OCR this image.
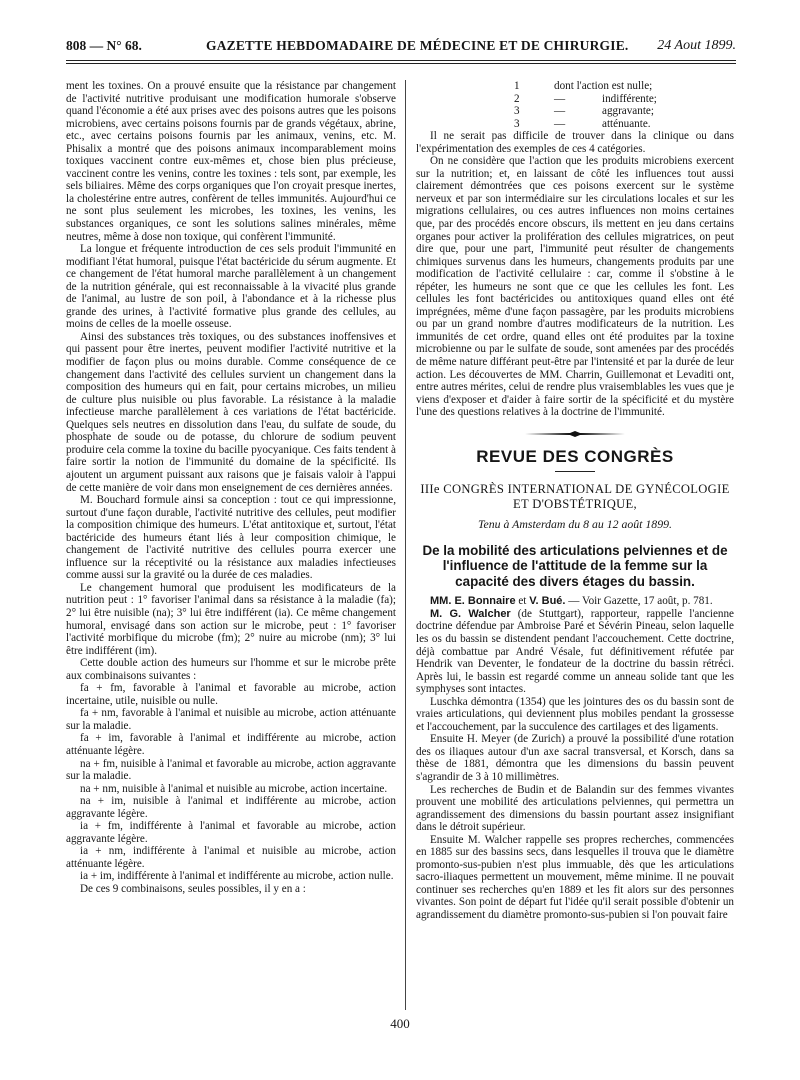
808 — N° 68.	GAZETTE HEBDOMADAIRE DE MÉDECINE ET DE CHIRURGIE.	24 Aout 1899.

ment les toxines. On a prouvé ensuite que la résistance par changement de l'activité nutritive produisant une modification humorale s'observe quand l'économie a été aux prises avec des poisons autres que les poisons microbiens, avec certains poisons fournis par de grands végétaux, abrine, etc., avec certains poisons fournis par les animaux, venins, etc. M. Phisalix a montré que des poisons animaux incomparablement moins toxiques vaccinent contre eux-mêmes et, chose bien plus précieuse, vaccinent contre les venins, contre les toxines : tels sont, par exemple, les sels biliaires. Même des corps organiques que l'on croyait presque inertes, la cholestérine entre autres, confèrent de telles immunités. Aujourd'hui ce ne sont plus seulement les microbes, les toxines, les venins, les substances organiques, ce sont les solutions salines minérales, même neutres, même à dose non toxique, qui confèrent l'immunité.

La longue et fréquente introduction de ces sels produit l'immunité en modifiant l'état humoral, puisque l'état bactéricide du sérum augmente. Et ce changement de l'état humoral marche parallèlement à un changement de la nutrition générale, qui est reconnaissable à la vivacité plus grande de l'animal, au lustre de son poil, à l'abondance et à la richesse plus grande des urines, à l'activité formative plus grande des cellules, au moins de celles de la moelle osseuse.

Ainsi des substances très toxiques, ou des substances inoffensives et qui passent pour être inertes, peuvent modifier l'activité nutritive et la modifier de façon plus ou moins durable. Comme conséquence de ce changement dans l'activité des cellules survient un changement dans la composition des humeurs qui en fait, pour certains microbes, un milieu de culture plus nuisible ou plus favorable. La résistance à la maladie infectieuse marche parallèlement à ces variations de l'état bactéricide. Quelques sels neutres en dissolution dans l'eau, du sulfate de soude, du phosphate de soude ou de potasse, du chlorure de sodium peuvent produire cela comme la toxine du bacille pyocyanique. Ces faits tendent à faire sortir la notion de l'immunité du domaine de la spécificité. Ils ajoutent un argument puissant aux raisons que je faisais valoir à l'appui de cette manière de voir dans mon enseignement de ces dernières années.

M. Bouchard formule ainsi sa conception : tout ce qui impressionne, surtout d'une façon durable, l'activité nutritive des cellules, peut modifier la composition chimique des humeurs. L'état antitoxique et, surtout, l'état bactéricide des humeurs étant liés à leur composition chimique, le changement de l'activité nutritive des cellules pourra exercer une influence sur la réceptivité ou la résistance aux maladies infectieuses comme aussi sur la gravité ou la durée de ces maladies.

Le changement humoral que produisent les modificateurs de la nutrition peut : 1° favoriser l'animal dans sa résistance à la maladie (fa); 2° lui être nuisible (na); 3° lui être indifférent (ia). Ce même changement humoral, envisagé dans son action sur le microbe, peut : 1° favoriser l'activité morbifique du microbe (fm); 2° nuire au microbe (nm); 3° lui être indifférent (im).

Cette double action des humeurs sur l'homme et sur le microbe prête aux combinaisons suivantes :

fa + fm, favorable à l'animal et favorable au microbe, action incertaine, utile, nuisible ou nulle.

fa + nm, favorable à l'animal et nuisible au microbe, action atténuante sur la maladie.

fa + im, favorable à l'animal et indifférente au microbe, action atténuante légère.

na + fm, nuisible à l'animal et favorable au microbe, action aggravante sur la maladie.

na + nm, nuisible à l'animal et nuisible au microbe, action incertaine.

na + im, nuisible à l'animal et indifférente au microbe, action aggravante légère.

ia + fm, indifférente à l'animal et favorable au microbe, action aggravante légère.

ia + nm, indifférente à l'animal et nuisible au microbe, action atténuante légère.

ia + im, indifférente à l'animal et indifférente au microbe, action nulle.

De ces 9 combinaisons, seules possibles, il y en a :

1	dont l'action est nulle;
2	—	indifférente;
3	—	aggravante;
3	—	atténuante.

Il ne serait pas difficile de trouver dans la clinique ou dans l'expérimentation des exemples de ces 4 catégories.

On ne considère que l'action que les produits microbiens exercent sur la nutrition; et, en laissant de côté les influences tout aussi clairement démontrées que ces poisons exercent sur le système nerveux et par son intermédiaire sur les circulations locales et sur les migrations cellulaires, ou ces autres influences non moins certaines que, par des procédés encore obscurs, ils mettent en jeu dans certains organes pour activer la prolifération des cellules migratrices, on peut dire que, pour une part, l'immunité peut résulter de changements chimiques survenus dans les humeurs, changements produits par une modification de l'activité cellulaire : car, comme il s'obstine à le répéter, les humeurs ne sont que ce que les cellules les font. Les cellules les font bactéricides ou antitoxiques quand elles ont été imprégnées, même d'une façon passagère, par les produits microbiens ou par un grand nombre d'autres modificateurs de la nutrition. Les immunités de cet ordre, quand elles ont été produites par la toxine microbienne ou par le sulfate de soude, sont amenées par des procédés de même nature différant peut-être par l'intensité et par la durée de leur action. Les découvertes de MM. Charrin, Guillemonat et Levaditi ont, entre autres mérites, celui de rendre plus vraisemblables les vues que je viens d'exposer et d'aider à faire sortir de la spécificité et du mystère l'une des questions relatives à la doctrine de l'immunité.

REVUE DES CONGRÈS
IIIe CONGRÈS INTERNATIONAL DE GYNÉCOLOGIE
ET D'OBSTÉTRIQUE,
Tenu à Amsterdam du 8 au 12 août 1899.
De la mobilité des articulations pelviennes et de l'influence de l'attitude de la femme sur la capacité des divers étages du bassin.

MM. E. Bonnaire et V. Bué. — Voir Gazette, 17 août, p. 781.

M. G. Walcher (de Stuttgart), rapporteur, rappelle l'ancienne doctrine défendue par Ambroise Paré et Sévérin Pineau, selon laquelle les os du bassin se distendent pendant l'accouchement. Cette doctrine, déjà combattue par André Vésale, fut définitivement réfutée par Hendrik van Deventer, le fondateur de la doctrine du bassin rétréci. Après lui, le bassin est regardé comme un anneau solide tant que les symphyses sont intactes.

Luschka démontra (1354) que les jointures des os du bassin sont de vraies articulations, qui deviennent plus mobiles pendant la grossesse et l'accouchement, par la succulence des cartilages et des ligaments.

Ensuite H. Meyer (de Zurich) a prouvé la possibilité d'une rotation des os iliaques autour d'un axe sacral transversal, et Korsch, dans sa thèse de 1881, démontra que les dimensions du bassin peuvent s'agrandir de 3 à 10 millimètres.

Les recherches de Budin et de Balandin sur des femmes vivantes prouvent une mobilité des articulations pelviennes, qui permettra un agrandissement des dimensions du bassin pourtant assez insignifiant dans le détroit supérieur.

Ensuite M. Walcher rappelle ses propres recherches, commencées en 1885 sur des bassins secs, dans lesquelles il trouva que le diamètre promonto-sus-pubien n'est plus immuable, dès que les articulations sacro-iliaques permettent un mouvement, même minime. Il ne pouvait continuer ses recherches qu'en 1889 et les fit alors sur des personnes vivantes. Son point de départ fut l'idée qu'il serait possible d'obtenir un agrandissement du diamètre promonto-sus-pubien si l'on pouvait faire

400
